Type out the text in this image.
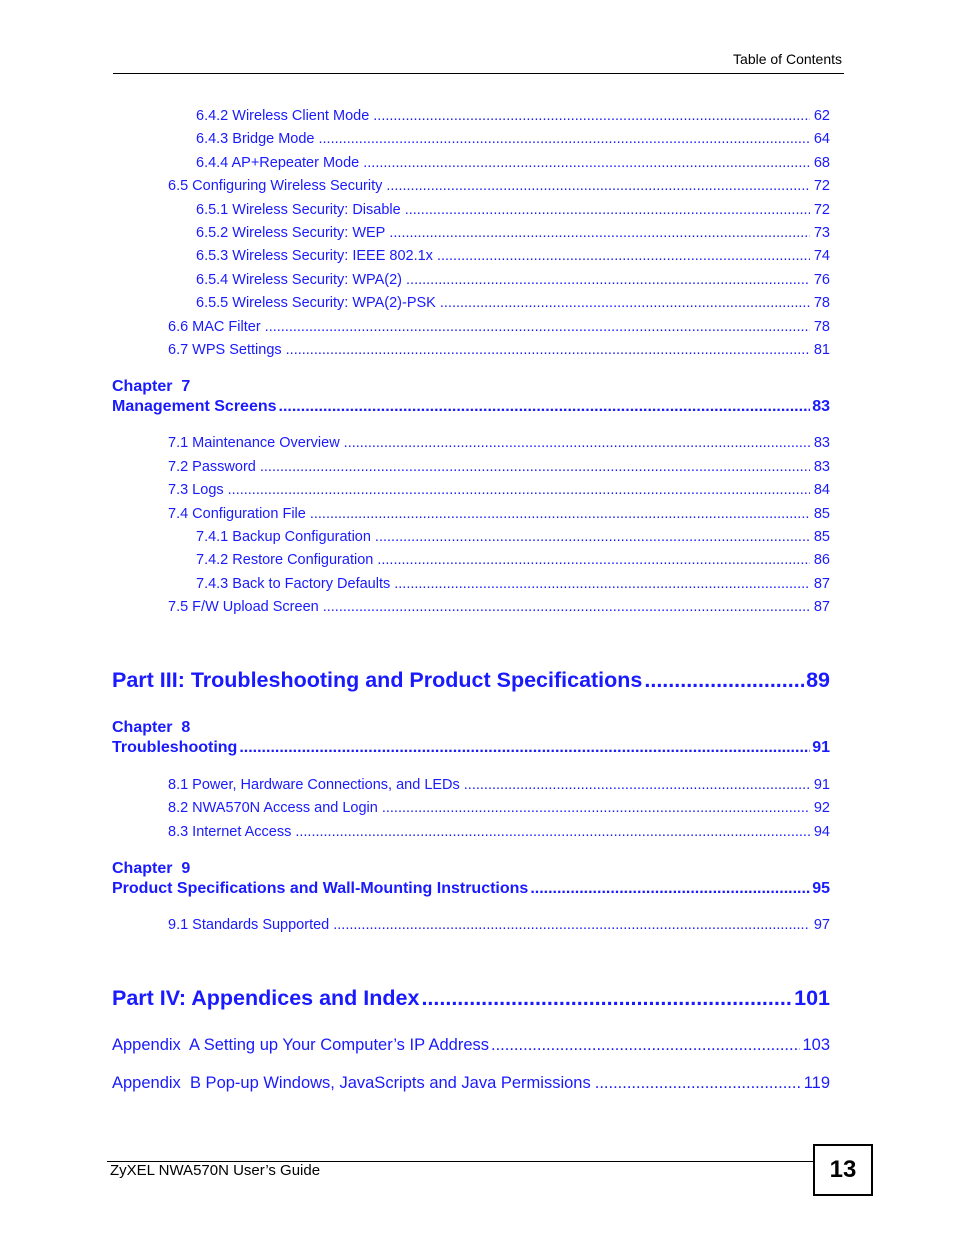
Table of Contents
6.4.2 Wireless Client Mode .....	62
6.4.3 Bridge Mode .....	64
6.4.4 AP+Repeater Mode .....	68
6.5 Configuring Wireless Security .....	72
6.5.1 Wireless Security: Disable .....	72
6.5.2 Wireless Security: WEP .....	73
6.5.3 Wireless Security: IEEE 802.1x .....	74
6.5.4 Wireless Security: WPA(2) .....	76
6.5.5 Wireless Security: WPA(2)-PSK .....	78
6.6 MAC Filter .....	78
6.7 WPS Settings .....	81
Chapter  7
Management Screens .....	83
7.1 Maintenance Overview .....	83
7.2 Password .....	83
7.3 Logs .....	84
7.4 Configuration File .....	85
7.4.1 Backup Configuration .....	85
7.4.2 Restore Configuration .....	86
7.4.3 Back to Factory Defaults .....	87
7.5 F/W Upload Screen .....	87
Part III: Troubleshooting and Product Specifications .....	89
Chapter  8
Troubleshooting .....	91
8.1 Power, Hardware Connections, and LEDs .....	91
8.2 NWA570N Access and Login .....	92
8.3 Internet Access .....	94
Chapter  9
Product Specifications and Wall-Mounting Instructions .....	95
9.1 Standards Supported .....	97
Part IV: Appendices and Index .....	101
Appendix  A Setting up Your Computer’s IP Address .....	103
Appendix  B Pop-up Windows, JavaScripts and Java Permissions .....	119
ZyXEL NWA570N User’s Guide	13
